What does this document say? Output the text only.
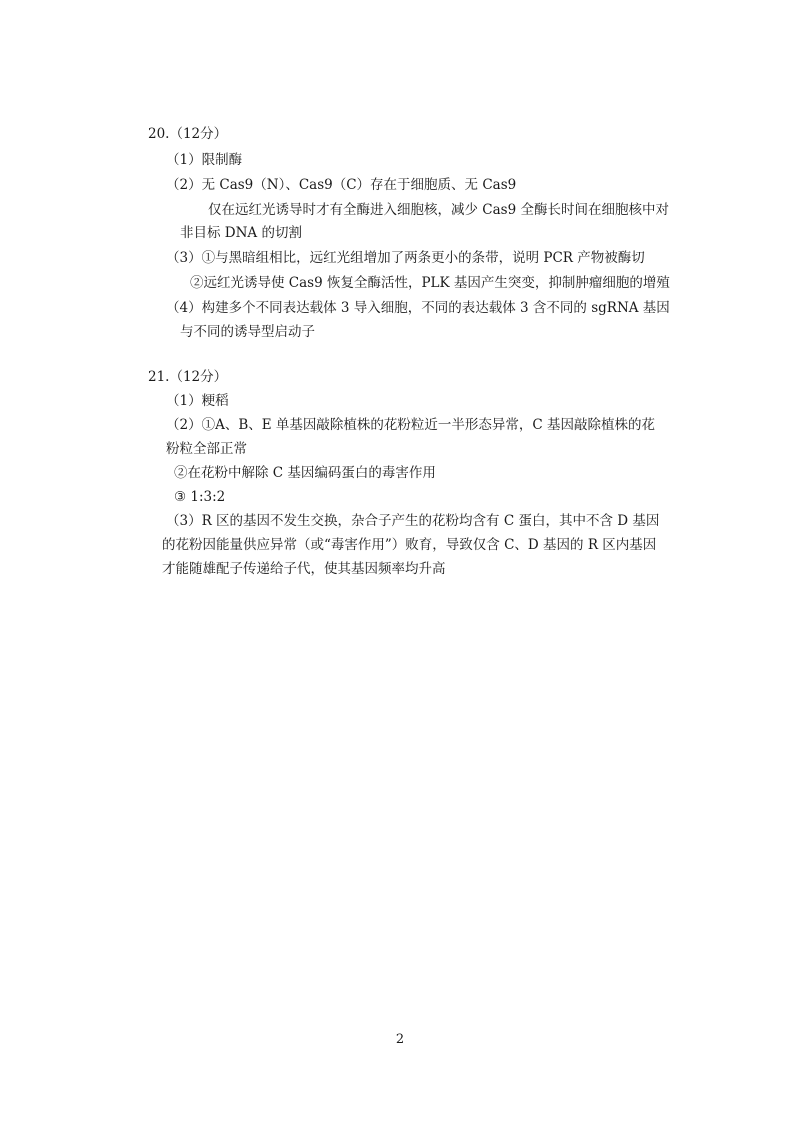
20.（12分）
（1）限制酶
（2）无 Cas9（N）、Cas9（C）存在于细胞质、无 Cas9
仅在远红光诱导时才有全酶进入细胞核，减少 Cas9 全酶长时间在细胞核中对
非目标 DNA 的切割
（3）①与黑暗组相比，远红光组增加了两条更小的条带，说明 PCR 产物被酶切
②远红光诱导使 Cas9 恢复全酶活性，PLK 基因产生突变，抑制肿瘤细胞的增殖
（4）构建多个不同表达载体 3 导入细胞，不同的表达载体 3 含不同的 sgRNA 基因
与不同的诱导型启动子
21.（12分）
（1）粳稻
（2）①A、B、E 单基因敲除植株的花粉粒近一半形态异常，C 基因敲除植株的花
粉粒全部正常
②在花粉中解除 C 基因编码蛋白的毒害作用
③ 1:3:2
（3）R 区的基因不发生交换，杂合子产生的花粉均含有 C 蛋白，其中不含 D 基因
的花粉因能量供应异常（或“毒害作用”）败育，导致仅含 C、D 基因的 R 区内基因
才能随雄配子传递给子代，使其基因频率均升高
2
